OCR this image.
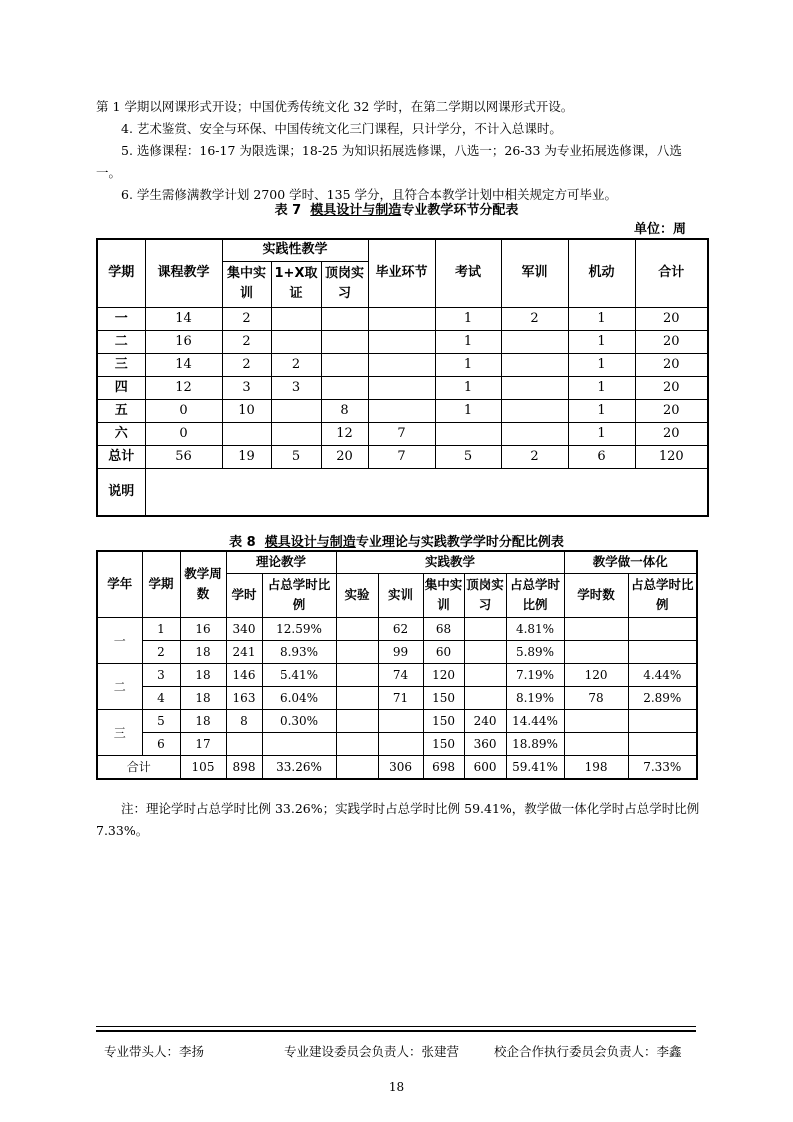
第 1 学期以网课形式开设；中国优秀传统文化 32 学时，在第二学期以网课形式开设。

4. 艺术鉴赏、安全与环保、中国传统文化三门课程，只计学分，不计入总课时。

5. 选修课程：16-17 为限选课；18-25 为知识拓展选修课，八选一；26-33 为专业拓展选修课，八选一。

6. 学生需修满教学计划 2700 学时、135 学分，且符合本教学计划中相关规定方可毕业。

表 7 模具设计与制造专业教学环节分配表
单位：周
学期	课程教学	实践性教学			毕业环节	考试	军训	机动	合计
		集中实训	1+X取证	顶岗实习					
一	14	2				1	2	1	20
二	16	2				1		1	20
三	14	2	2			1		1	20
四	12	3	3			1		1	20
五	0	10		8		1		1	20
六	0			12	7			1	20
总计	56	19	5	20	7	5	2	6	120
说明									
表 8 模具设计与制造专业理论与实践教学学时分配比例表
学年	学期	教学周数	理论教学		实践教学					教学做一体化	
			学时	占总学时比例	实验	实训	集中实训	顶岗实习	占总学时比例	学时数	占总学时比例
一	1	16	340	12.59%		62	68		4.81%		
	2	18	241	8.93%		99	60		5.89%		
二	3	18	146	5.41%		74	120		7.19%	120	4.44%
	4	18	163	6.04%		71	150		8.19%	78	2.89%
三	5	18	8	0.30%			150	240	14.44%		
	6	17					150	360	18.89%		
合计		105	898	33.26%		306	698	600	59.41%	198	7.33%
注：理论学时占总学时比例 33.26%；实践学时占总学时比例 59.41%，教学做一体化学时占总学时比例 7.33%。
专业带头人：李扬	专业建设委员会负责人：张建营	校企合作执行委员会负责人：李鑫
18
